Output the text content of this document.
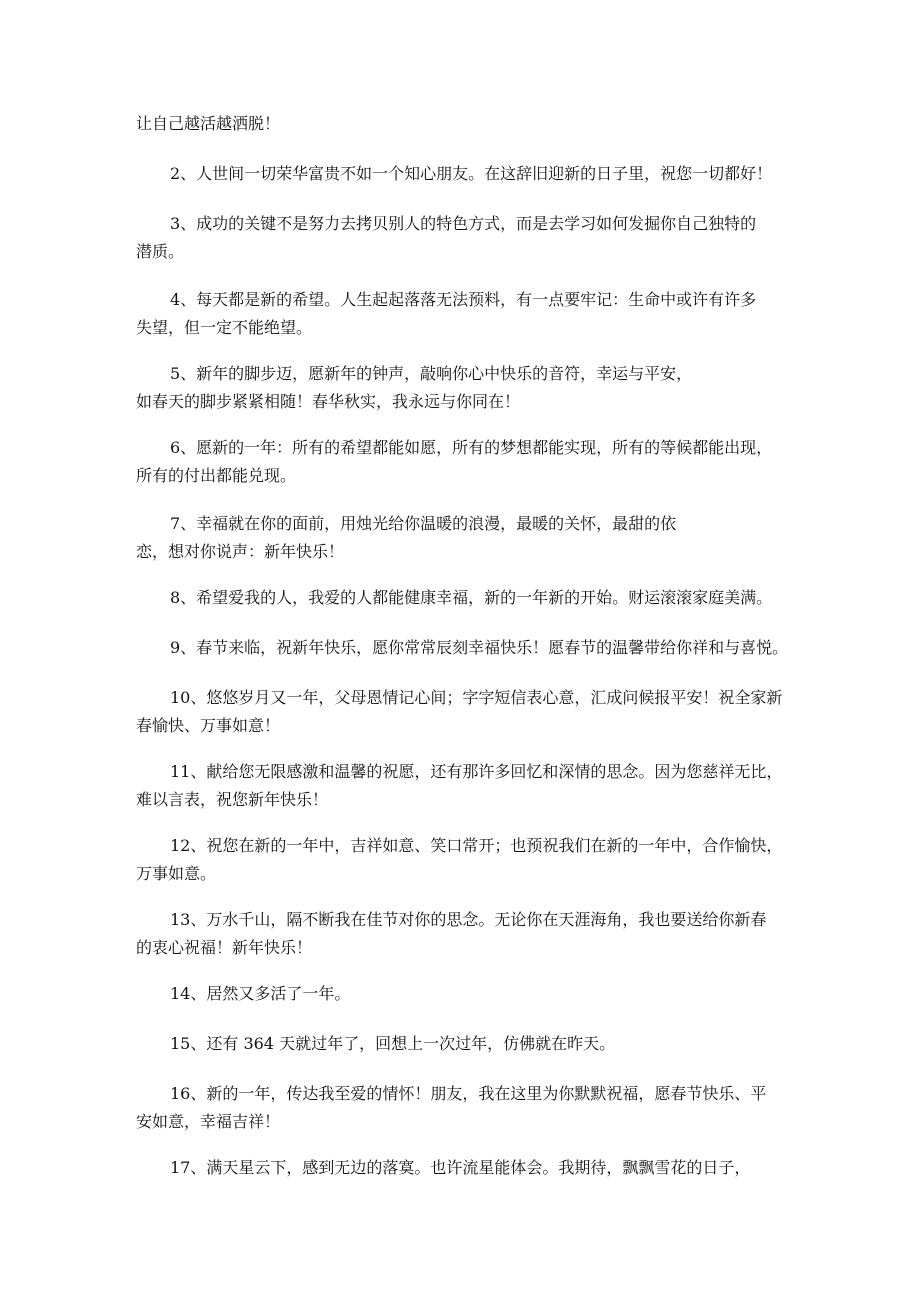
让自己越活越洒脱！

2、人世间一切荣华富贵不如一个知心朋友。在这辞旧迎新的日子里，祝您一切都好！

3、成功的关键不是努力去拷贝别人的特色方式，而是去学习如何发掘你自己独特的
潜质。

4、每天都是新的希望。人生起起落落无法预料，有一点要牢记：生命中或许有许多
失望，但一定不能绝望。

5、新年的脚步迈，愿新年的钟声，敲响你心中快乐的音符，幸运与平安，
如春天的脚步紧紧相随！春华秋实，我永远与你同在！

6、愿新的一年：所有的希望都能如愿，所有的梦想都能实现，所有的等候都能出现，
所有的付出都能兑现。

7、幸福就在你的面前，用烛光给你温暖的浪漫，最暖的关怀，最甜的依
恋，想对你说声：新年快乐！

8、希望爱我的人，我爱的人都能健康幸福，新的一年新的开始。财运滚滚家庭美满。

9、春节来临，祝新年快乐，愿你常常辰刻幸福快乐！愿春节的温馨带给你祥和与喜悦。

10、悠悠岁月又一年，父母恩情记心间；字字短信表心意，汇成问候报平安！祝全家新
春愉快、万事如意！

11、献给您无限感激和温馨的祝愿，还有那许多回忆和深情的思念。因为您慈祥无比，
难以言表，祝您新年快乐！

12、祝您在新的一年中，吉祥如意、笑口常开；也预祝我们在新的一年中，合作愉快，
万事如意。

13、万水千山，隔不断我在佳节对你的思念。无论你在天涯海角，我也要送给你新春
的衷心祝福！新年快乐！

14、居然又多活了一年。

15、还有 364 天就过年了，回想上一次过年，仿佛就在昨天。

16、新的一年，传达我至爱的情怀！朋友，我在这里为你默默祝福，愿春节快乐、平
安如意，幸福吉祥！

17、满天星云下，感到无边的落寞。也许流星能体会。我期待，飘飘雪花的日子，
